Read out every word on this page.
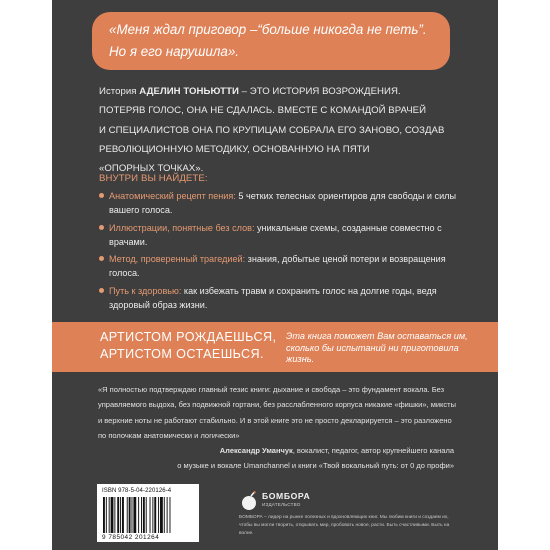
«Меня ждал приговор –“больше никогда не петь”.
Но я его нарушила».
История АДЕЛИН ТОНЬЮТТИ – ЭТО ИСТОРИЯ ВОЗРОЖДЕНИЯ.
ПОТЕРЯВ ГОЛОС, ОНА НЕ СДАЛАСЬ. ВМЕСТЕ С КОМАНДОЙ ВРАЧЕЙ
И СПЕЦИАЛИСТОВ ОНА ПО КРУПИЦАМ СОБРАЛА ЕГО ЗАНОВО, СОЗДАВ
РЕВОЛЮЦИОННУЮ МЕТОДИКУ, ОСНОВАННУЮ НА ПЯТИ
«ОПОРНЫХ ТОЧКАХ».
ВНУТРИ ВЫ НАЙДЕТЕ:
Анатомический рецепт пения: 5 четких телесных ориентиров для свободы и силы вашего голоса.
Иллюстрации, понятные без слов: уникальные схемы, созданные совместно с врачами.
Метод, проверенный трагедией: знания, добытые ценой потери и возвращения голоса.
Путь к здоровью: как избежать травм и сохранить голос на долгие годы, ведя здоровый образ жизни.
АРТИСТОМ РОЖДАЕШЬСЯ,
АРТИСТОМ ОСТАЕШЬСЯ.
Эта книга поможет Вам оставаться им, сколько бы испытаний ни приготовила жизнь.
«Я полностью подтверждаю главный тезис книги: дыхание и свобода – это фундамент вокала. Без управляемого выдоха, без подвижной гортани, без расслабленного корпуса никакие «фишки», миксты и верхние ноты не работают стабильно. И в этой книге это не просто декларируется – это разложено по полочкам анатомически и логически»
Александр Уманчук, вокалист, педагог, автор крупнейшего канала
о музыке и вокале Umanchannel и книги «Твой вокальный путь: от 0 до профи»
ISBN 978-5-04-220126-4
9 785042 201264
БОМБОРА
ИЗДАТЕЛЬСТВО
БОМБОРА – лидер на рынке полезных и вдохновляющих книг. Мы любим книги и создаем их, чтобы вы могли творить, открывать мир, пробовать новое, расти. Быть счастливыми. Быть на волне.
